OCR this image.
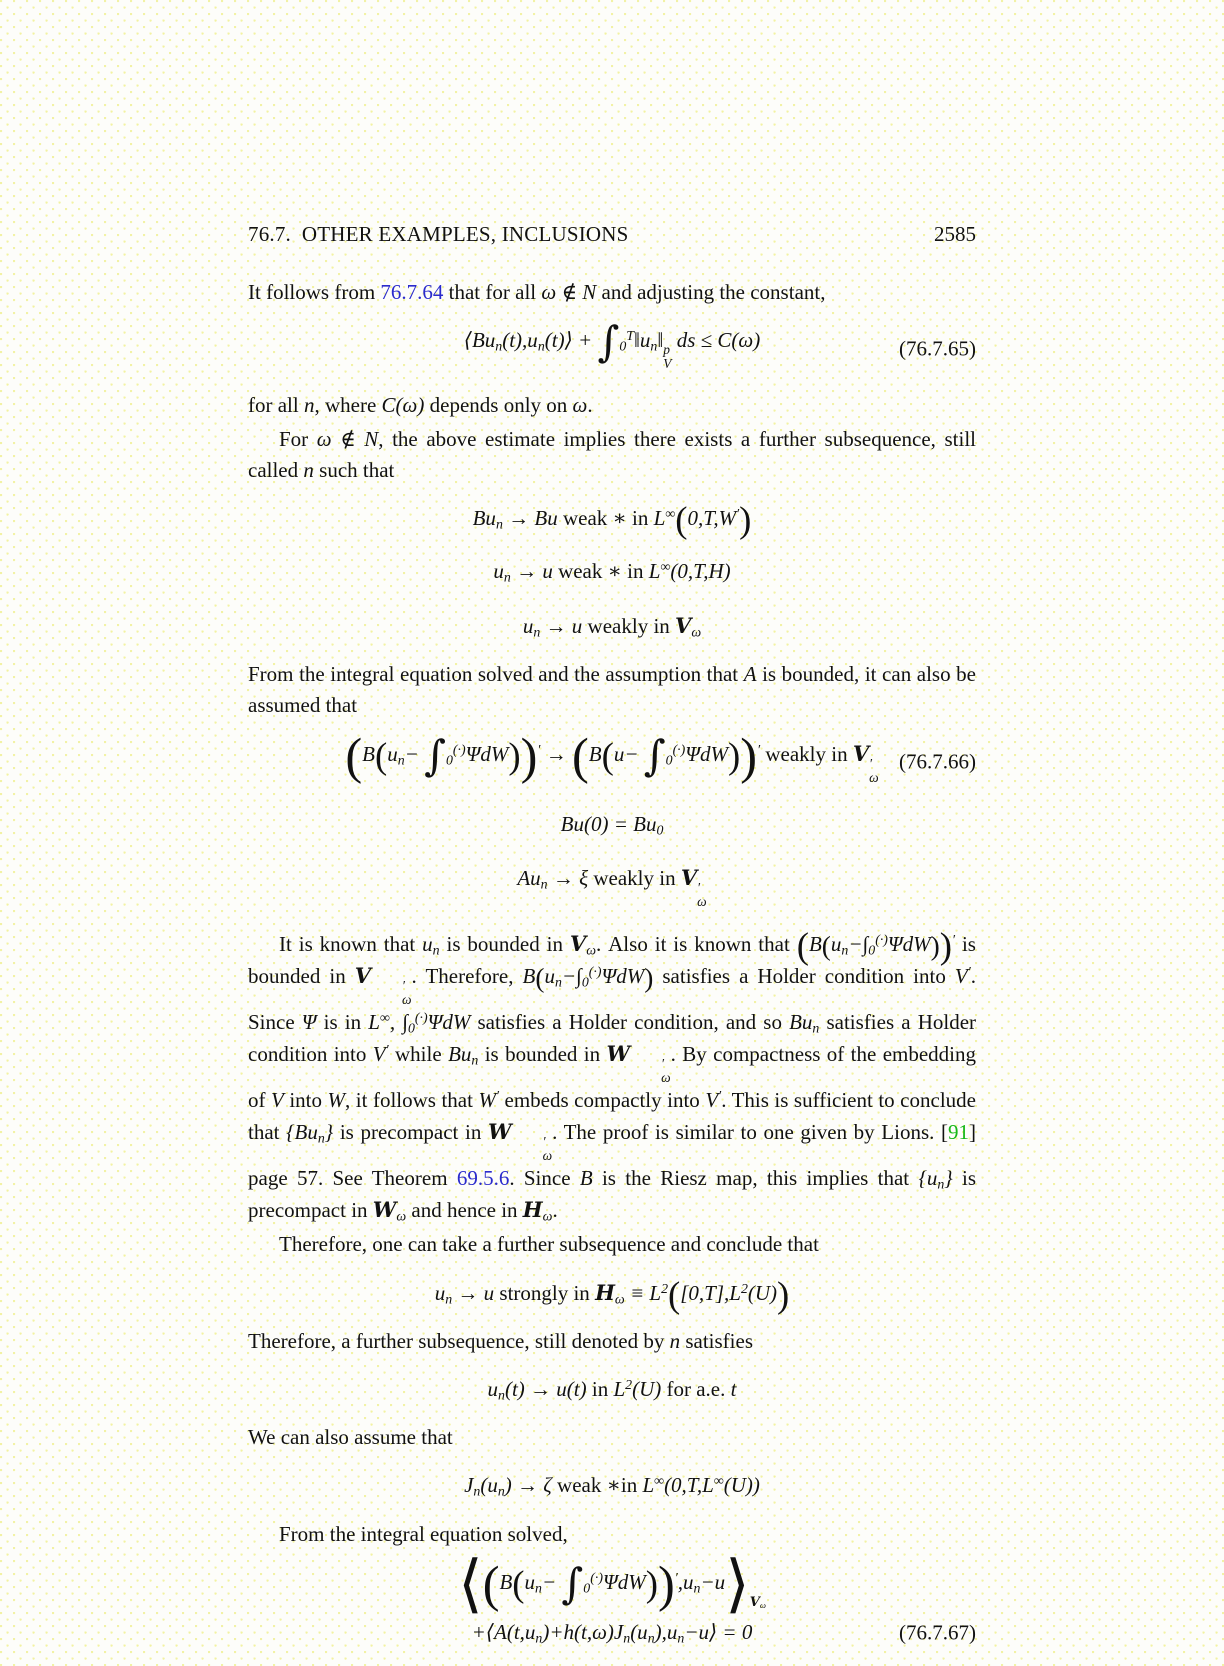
76.7.  OTHER EXAMPLES, INCLUSIONS	2585

It follows from 76.7.64 that for all ω ∉ N and adjusting the constant,

$⟨Bu_n(t),u_n(t)⟩$ + $\int_0^T‖u_n‖$ p
V
ds ≤ C(ω)	(76.7.65)

for all n, where C(ω) depends only on ω.

For ω ∉ N, the above estimate implies there exists a further subsequence, still called n such that

$Bu_n \to Bu$ weak ∗ in L∞(0,T,W′)
$u_n \to u$ weak ∗ in L∞(0,T,H)
$u_n \to u$ weakly in $V_\omega$

From the integral equation solved and the assumption that A is bounded, it can also be assumed that

$(B(u_n- \int_0^{(\cdot)}\Psi dW))' \to (B(u- \int_0^{(\cdot)}\Psi dW))'$ weakly in V ′
ω
(76.7.66)
$Bu(0) = Bu_0$
$Au_n \to \xi$ weakly in V ′
ω

It is known that $u_n$ is bounded in $V_\omega$. Also it is known that $(B(u_n-\int_0^{(\cdot)}\Psi dW))'$ is bounded in V	′
ω
. Therefore, $B(u_n-\int_0^{(\cdot)}\Psi dW)$ satisfies a Holder condition into V′. Since Ψ is in L∞, $\int_0^{(\cdot)}\Psi dW$ satisfies a Holder condition, and so $Bu_n$ satisfies a Holder condition into V′ while $Bu_n$ is bounded in W	′
ω
. By compactness of the embedding of V into W, it follows that W′ embeds compactly into V′. This is sufficient to conclude that $\{Bu_n\}$ is precompact in W	′
ω
. The proof is similar to one given by Lions. [91] page 57. See Theorem 69.5.6. Since B is the Riesz map, this implies that $\{u_n\}$ is precompact in $W_\omega$ and hence in $H_\omega$.

Therefore, one can take a further subsequence and conclude that

$u_n \to u$ strongly in $H_\omega \equiv L^2([0,T],L^2(U))$

Therefore, a further subsequence, still denoted by n satisfies

$u_n(t) \to u(t)$ in $L^2(U)$ for a.e. t

We can also assume that

$J_n(u_n) \to \zeta$ weak ∗in L∞(0,T,L∞(U))

From the integral equation solved,

$⟨(B(u_n-$ $\int_0^{(\cdot)}\Psi dW))',u_n-u⟩_{V_\omega}$
$+⟨A(t,u_n)+h(t,\omega)J_n(u_n),u_n-u⟩ = 0$	(76.7.67)
